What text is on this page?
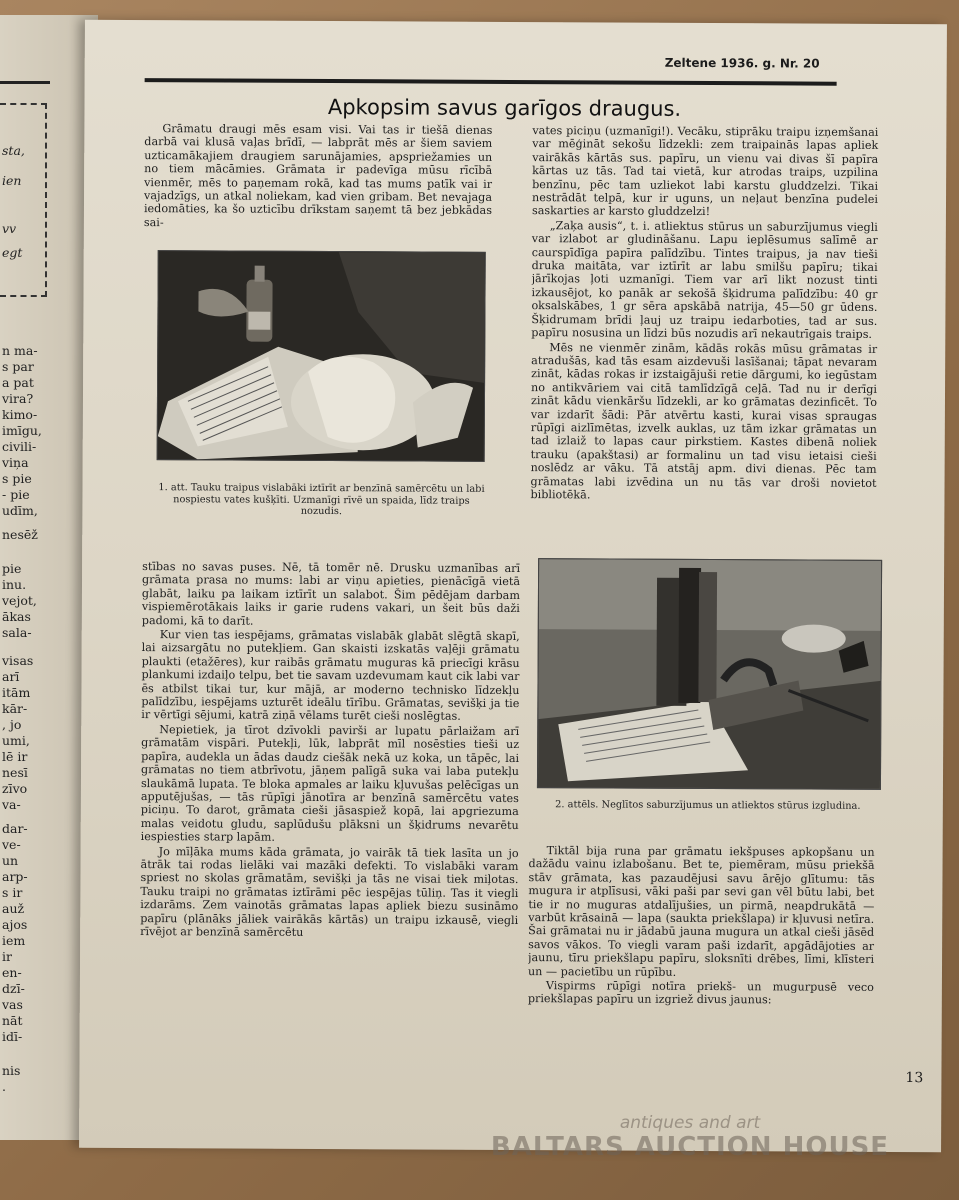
sta,
ien
vv
egt
n ma-
s par
a pat
vira?
kimo-
imīgu,
civili-
viņa
s pie
- pie
udīm,
nesēž
pie
inu.
vejot,
ākas
sala-
visas
arī
itām
kār-
, jo
umi,
lē ir
nesī
zīvo
va-
dar-
ve-
un
arp-
s ir
auž
ajos
iem
ir
en-
dzī-
vas
nāt
idī-
nis
.
Zeltene 1936. g. Nr. 20
Apkopsim savus garīgos draugus.

Grāmatu draugi mēs esam visi. Vai tas ir tiešā dienas darbā vai klusā vaļas brīdī, — labprāt mēs ar šiem saviem uzticamākajiem draugiem sarunājamies, apspriežamies un no tiem mācāmies. Grāmata ir padevīga mūsu rīcībā vienmēr, mēs to paņemam rokā, kad tas mums patīk vai ir vajadzīgs, un atkal noliekam, kad vien gribam. Bet nevajaga iedomāties, ka šo uzticību drīkstam saņemt tā bez jebkādas sai-

1. att. Tauku traipus vislabāki iztīrīt ar benzīnā samērcētu un labi nospiestu vates kušķīti. Uzmanīgi rīvē un spaida, līdz traips nozudis.

stības no savas puses. Nē, tā tomēr nē. Drusku uzmanības arī grāmata prasa no mums: labi ar viņu apieties, pienācīgā vietā glabāt, laiku pa laikam iztīrīt un salabot. Šim pēdējam darbam vispiemērotākais laiks ir garie rudens vakari, un šeit būs daži padomi, kā to darīt.

Kur vien tas iespējams, grāmatas vislabāk glabāt slēgtā skapī, lai aizsargātu no putekļiem. Gan skaisti izskatās vaļēji grāmatu plaukti (etažēres), kur raibās grāmatu muguras kā priecīgi krāsu plankumi izdaiļo telpu, bet tie savam uzdevumam kaut cik labi var ēs atbilst tikai tur, kur mājā, ar moderno technisko līdzekļu palīdzību, iespējams uzturēt ideālu tīrību. Grāmatas, sevišķi ja tie ir vērtīgi sējumi, katrā ziņā vēlams turēt cieši noslēgtas.

Nepietiek, ja tīrot dzīvokli pavirši ar lupatu pārlaižam arī grāmatām vispāri. Putekļi, lūk, labprāt mīl nosēsties tieši uz papīra, audekla un ādas daudz ciešāk nekā uz koka, un tāpēc, lai grāmatas no tiem atbrīvotu, jāņem palīgā suka vai laba putekļu slaukāmā lupata. Te bloka apmales ar laiku kļuvušas pelēcīgas un apputējušas, — tās rūpīgi jānotīra ar benzīnā samērcētu vates piciņu. To darot, grāmata cieši jāsaspiež kopā, lai apgriezuma malas veidotu gludu, saplūdušu plāksni un šķidrums nevarētu iespiesties starp lapām.

Jo mīļāka mums kāda grāmata, jo vairāk tā tiek lasīta un jo ātrāk tai rodas lielāki vai mazāki defekti. To vislabāki varam spriest no skolas grāmatām, sevišķi ja tās ne visai tiek miļotas. Tauku traipi no grāmatas iztīrāmi pēc iespējas tūliņ. Tas it viegli izdarāms. Zem vainotās grāmatas lapas apliek biezu susināmo papīru (plānāks jāliek vairākās kārtās) un traipu izkausē, viegli rīvējot ar benzīnā samērcētu

vates piciņu (uzmanīgi!). Vecāku, stiprāku traipu izņemšanai var mēģināt sekošu līdzekli: zem traipainās lapas apliek vairākās kārtās sus. papīru, un vienu vai divas šī papīra kārtas uz tās. Tad tai vietā, kur atrodas traips, uzpilina benzīnu, pēc tam uzliekot labi karstu gluddzelzi. Tikai nestrādāt telpā, kur ir uguns, un neļaut benzīna pudelei saskarties ar karsto gluddzelzi!

„Zaķa ausis“, t. i. atliektus stūrus un saburzījumus viegli var izlabot ar gludināšanu. Lapu ieplēsumus salīmē ar caurspīdīga papīra palīdzību. Tintes traipus, ja nav tieši druka maitāta, var iztīrīt ar labu smilšu papīru; tikai jārīkojas ļoti uzmanīgi. Tiem var arī likt nozust tinti izkausējot, ko panāk ar sekošā šķidruma palīdzību: 40 gr oksalskābes, 1 gr sēra apskābā natrija, 45—50 gr ūdens. Šķidrumam brīdi ļauj uz traipu iedarboties, tad ar sus. papīru nosusina un līdzi būs nozudis arī nekautrīgais traips.

Mēs ne vienmēr zinām, kādās rokās mūsu grāmatas ir atradušās, kad tās esam aizdevuši lasīšanai; tāpat nevaram zināt, kādas rokas ir izstaigājuši retie dārgumi, ko iegūstam no antikvāriem vai citā tamlīdzīgā ceļā. Tad nu ir derīgi zināt kādu vienkāršu līdzekli, ar ko grāmatas dezinficēt. To var izdarīt šādi: Pār atvērtu kasti, kurai visas spraugas rūpīgi aizlīmētas, izvelk auklas, uz tām izkar grāmatas un tad izlaiž to lapas caur pirkstiem. Kastes dibenā noliek trauku (apakštasi) ar formalinu un tad visu ietaisi cieši noslēdz ar vāku. Tā atstāj apm. divi dienas. Pēc tam grāmatas labi izvēdina un nu tās var droši novietot bibliotēkā.

2. attēls. Neglītos saburzījumus un atliektos stūrus izgludina.

Tiktāl bija runa par grāmatu iekšpuses apkopšanu un dažādu vainu izlabošanu. Bet te, piemēram, mūsu priekšā stāv grāmata, kas pazaudējusi savu ārējo glītumu: tās mugura ir atplīsusi, vāki paši par sevi gan vēl būtu labi, bet tie ir no muguras atdalījušies, un pirmā, neapdrukātā — varbūt krāsainā — lapa (saukta priekšlapa) ir kļuvusi netīra. Šai grāmatai nu ir jādabū jauna mugura un atkal cieši jāsēd savos vākos. To viegli varam paši izdarīt, apgādājoties ar jaunu, tīru priekšlapu papīru, sloksnīti drēbes, līmi, klīsteri un — pacietību un rūpību.

Vispirms rūpīgi notīra priekš- un mugurpusē veco priekšlapas papīru un izgriež divus jaunus:

13
antiques and art
BALTARS AUCTION HOUSE
